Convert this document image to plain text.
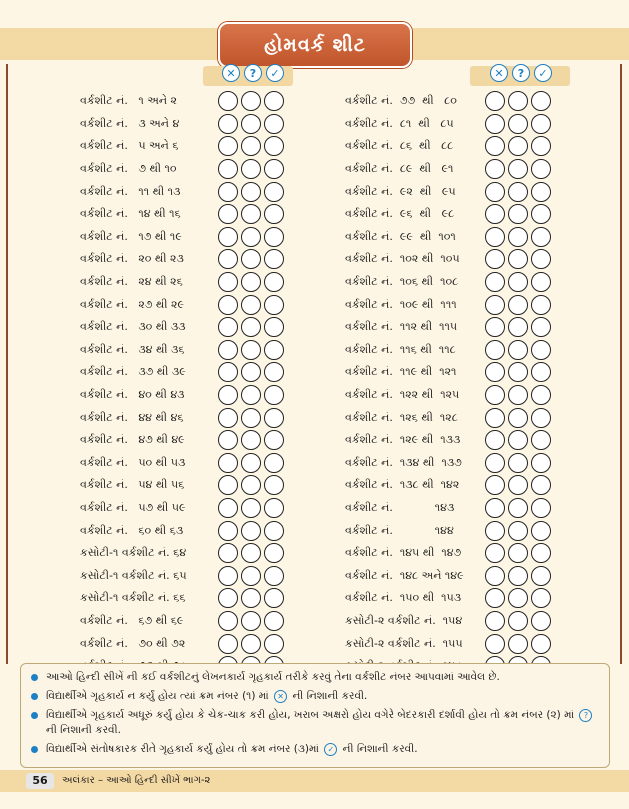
હોમવર્ક શીટ
✕	?	✓
વર્કશીટ નં.   ૧ અને ૨
વર્કશીટ નં.   ૩ અને ૪
વર્કશીટ નં.   ૫ અને ૬
વર્કશીટ નં.   ૭ થી ૧૦
વર્કશીટ નં.   ૧૧ થી ૧૩
વર્કશીટ નં.   ૧૪ થી ૧૬
વર્કશીટ નં.   ૧૭ થી ૧૯
વર્કશીટ નં.   ૨૦ થી ૨૩
વર્કશીટ નં.   ૨૪ થી ૨૬
વર્કશીટ નં.   ૨૭ થી ૨૯
વર્કશીટ નં.   ૩૦ થી ૩૩
વર્કશીટ નં.   ૩૪ થી ૩૬
વર્કશીટ નં.   ૩૭ થી ૩૯
વર્કશીટ નં.   ૪૦ થી ૪૩
વર્કશીટ નં.   ૪૪ થી ૪૬
વર્કશીટ નં.   ૪૭ થી ૪૯
વર્કશીટ નં.   ૫૦ થી ૫૩
વર્કશીટ નં.   ૫૪ થી ૫૬
વર્કશીટ નં.   ૫૭ થી ૫૯
વર્કશીટ નં.   ૬૦ થી ૬૩
કસોટી-૧ વર્કશીટ નં. ૬૪
કસોટી-૧ વર્કશીટ નં. ૬૫
કસોટી-૧ વર્કશીટ નં. ૬૬
વર્કશીટ નં.   ૬૭ થી ૬૯
વર્કશીટ નં.   ૭૦ થી ૭૨
✕	?	✓
વર્કશીટ નં.  ૭૭  થી   ૮૦
વર્કશીટ નં.  ૮૧  થી   ૮૫
વર્કશીટ નં.  ૮૬  થી   ૮૮
વર્કશીટ નં.  ૮૯  થી   ૯૧
વર્કશીટ નં.  ૯૨  થી   ૯૫
વર્કશીટ નં.  ૯૬  થી   ૯૮
વર્કશીટ નં.  ૯૯  થી  ૧૦૧
વર્કશીટ નં.  ૧૦૨ થી  ૧૦૫
વર્કશીટ નં.  ૧૦૬ થી  ૧૦૮
વર્કશીટ નં.  ૧૦૯ થી  ૧૧૧
વર્કશીટ નં.  ૧૧૨ થી  ૧૧૫
વર્કશીટ નં.  ૧૧૬ થી  ૧૧૮
વર્કશીટ નં.  ૧૧૯ થી  ૧૨૧
વર્કશીટ નં.  ૧૨૨ થી  ૧૨૫
વર્કશીટ નં.  ૧૨૬ થી  ૧૨૮
વર્કશીટ નં.  ૧૨૯ થી  ૧૩૩
વર્કશીટ નં.  ૧૩૪ થી  ૧૩૭
વર્કશીટ નં.  ૧૩૮ થી  ૧૪૨
વર્કશીટ નં.            ૧૪૩
વર્કશીટ નં.            ૧૪૪
વર્કશીટ નં.  ૧૪૫ થી  ૧૪૭
વર્કશીટ નં.  ૧૪૮ અને ૧૪૯
વર્કશીટ નં.  ૧૫૦ થી  ૧૫૩
કસોટી-૨ વર્કશીટ નં.  ૧૫૪
કસોટી-૨ વર્કશીટ નં.  ૧૫૫
આઓ હિન્દી સીખેં ની કઈ વર્કશીટનું લેખનકાર્ય ગૃહકાર્ય તરીકે કરવું તેના વર્કશીટ નંબર આપવામાં આવેલ છે.
વિદ્યાર્થીએ ગૃહકાર્ય ન કર્યું હોય ત્યાં ક્રમ નંબર (૧) માં ✕ ની નિશાની કરવી.
વિદ્યાર્થીએ ગૃહકાર્ય અધૂરું કર્યું હોય કે ચેક-ચાક કરી હોય, ખરાબ અક્ષરો હોય વગેરે બેદરકારી દર્શાવી હોય તો ક્રમ નંબર (૨) માં ? ની નિશાની કરવી.
વિદ્યાર્થીએ સંતોષકારક રીતે ગૃહકાર્ય કર્યું હોય તો ક્રમ નંબર (૩)માં ✓ ની નિશાની કરવી.
56	અલંકાર – આઓ હિન્દી સીખેં ભાગ-૨
